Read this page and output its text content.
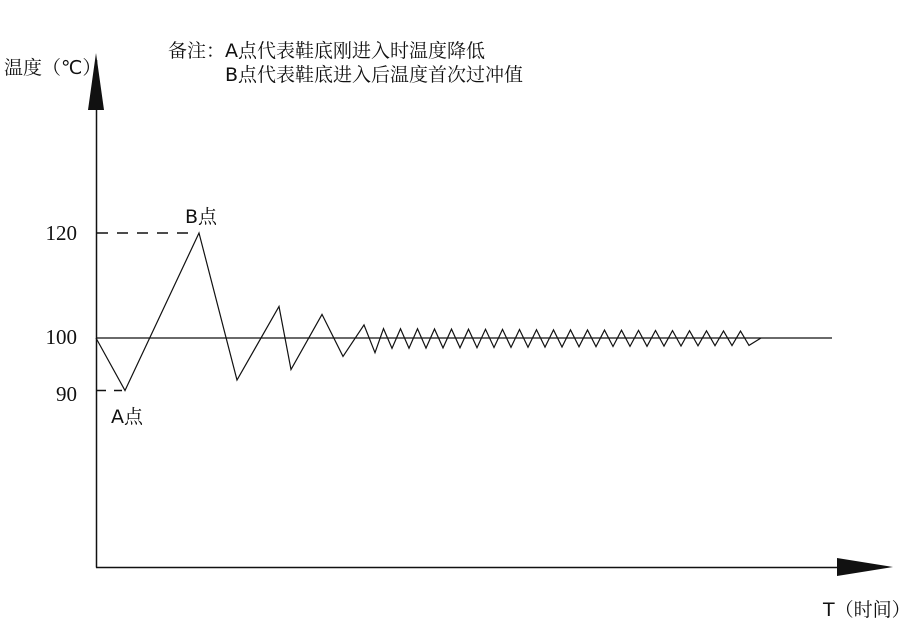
备注：A点代表鞋底刚进入时温度降低
B点代表鞋底进入后温度首次过冲值
温度（℃）
T（时间）
120
100
90
B点
A点
